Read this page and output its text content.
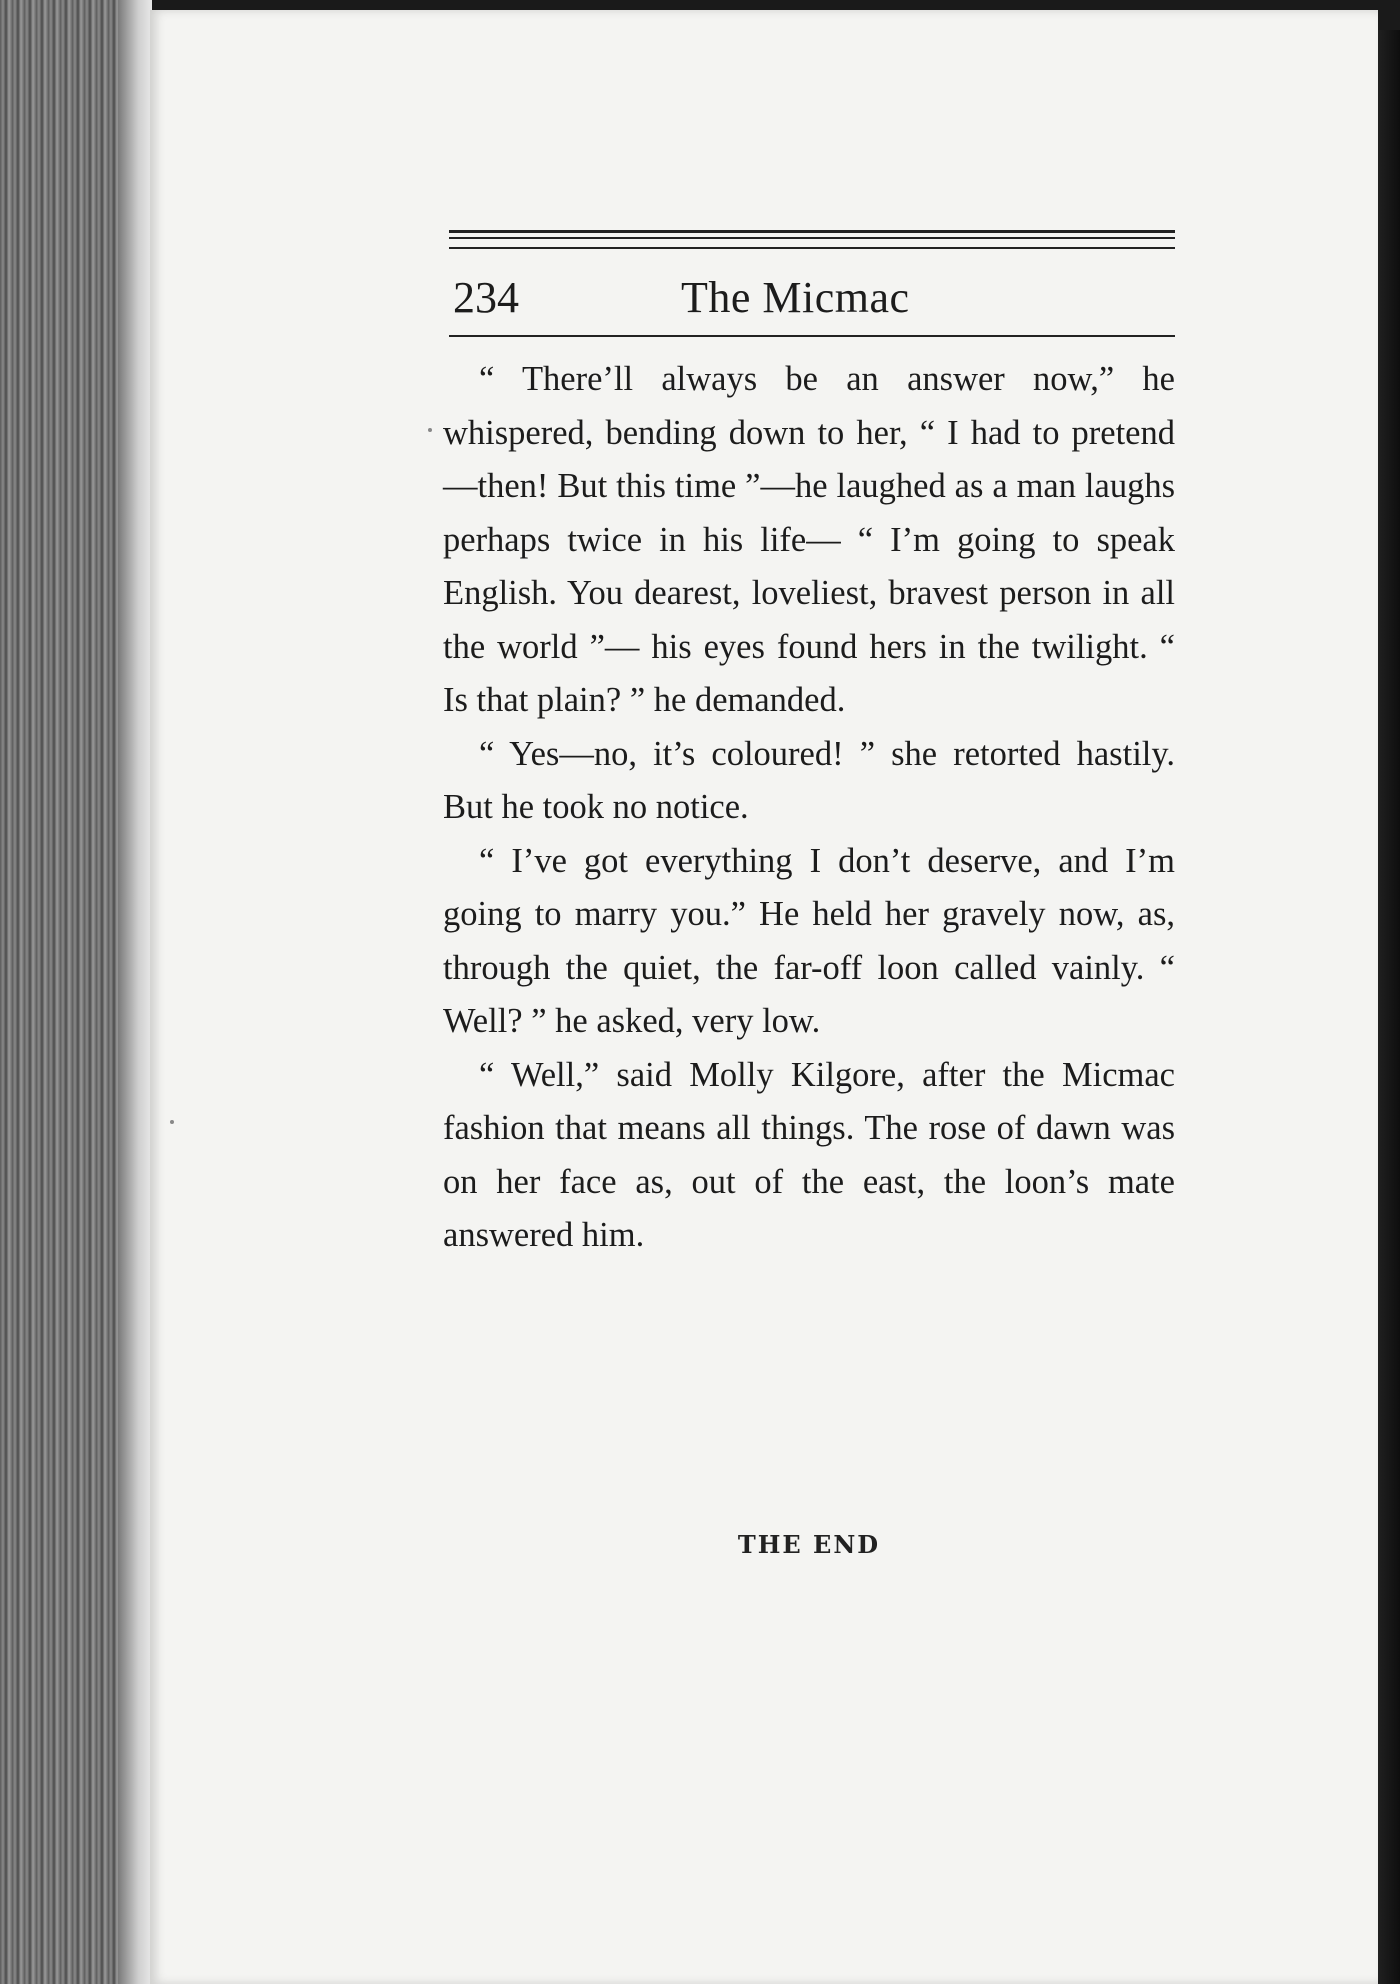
234	The Micmac

“ There’ll always be an answer now,” he whispered, bending down to her, “ I had to pretend—then! But this time ”—he laughed as a man laughs perhaps twice in his life— “ I’m going to speak English. You dearest, loveliest, bravest person in all the world ”— his eyes found hers in the twilight. “ Is that plain? ” he demanded.

“ Yes—no, it’s coloured! ” she retorted hastily. But he took no notice.

“ I’ve got everything I don’t deserve, and I’m going to marry you.” He held her gravely now, as, through the quiet, the far-off loon called vainly. “ Well? ” he asked, very low.

“ Well,” said Molly Kilgore, after the Micmac fashion that means all things. The rose of dawn was on her face as, out of the east, the loon’s mate answered him.

THE END
